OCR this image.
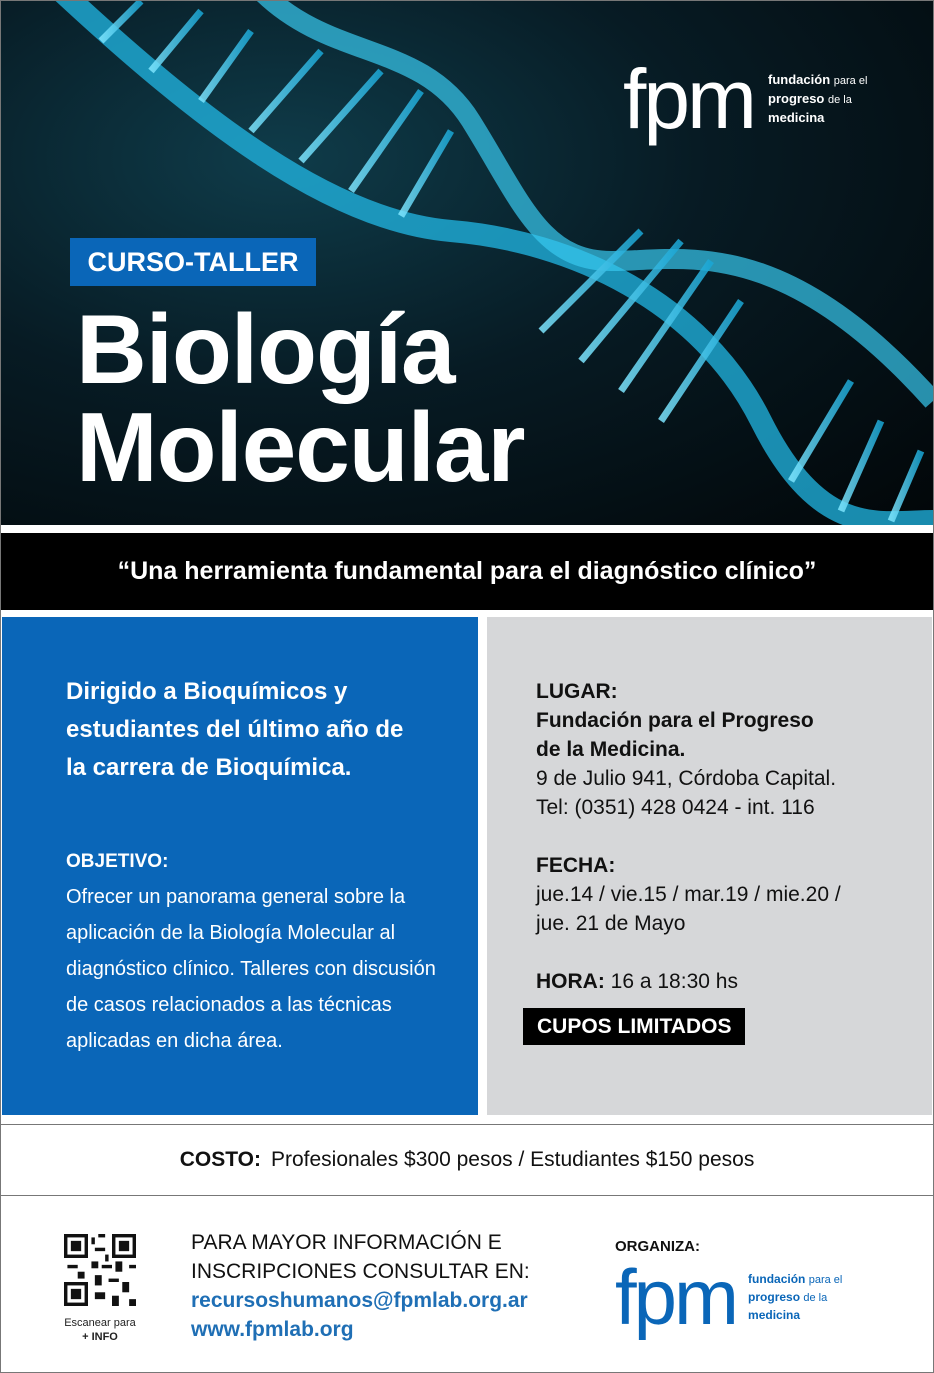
fpm fundación para el
progreso de la
medicina
CURSO-TALLER
Biología
Molecular
“Una herramienta fundamental para el diagnóstico clínico”
Dirigido a Bioquímicos y estudiantes del último año de la carrera de Bioquímica.
OBJETIVO:

Ofrecer un panorama general sobre la aplicación de la Biología Molecular al diagnóstico clínico. Talleres con discusión de casos relacionados a las técnicas aplicadas en dicha área.

LUGAR:
Fundación para el Progreso
de la Medicina.
9 de Julio 941, Córdoba Capital.
Tel: (0351) 428 0424 - int. 116
FECHA:
jue.14 / vie.15 / mar.19 / mie.20 /
jue. 21 de Mayo
HORA: 16 a 18:30 hs
CUPOS LIMITADOS
COSTO: Profesionales $300 pesos / Estudiantes $150 pesos
Escanear para
+ INFO
PARA MAYOR INFORMACIÓN E
INSCRIPCIONES CONSULTAR EN:
recursoshumanos@fpmlab.org.ar
www.fpmlab.org
ORGANIZA:
fpm fundación para el
progreso de la
medicina
